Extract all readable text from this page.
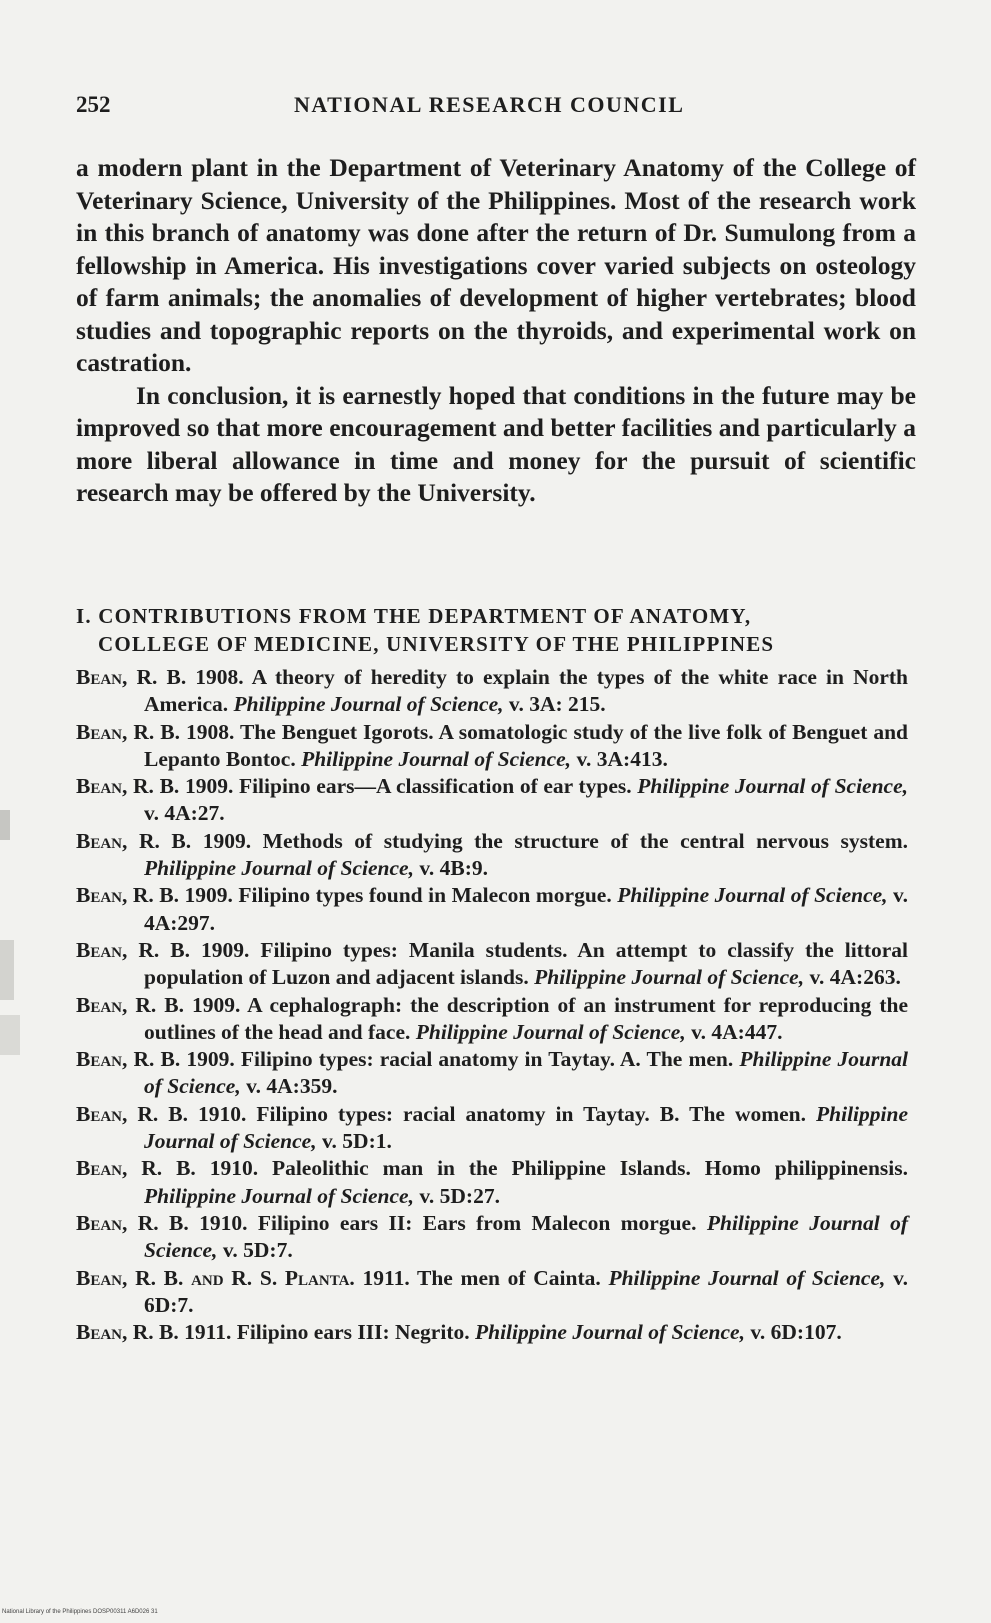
252	NATIONAL RESEARCH COUNCIL

a modern plant in the Department of Veterinary Anatomy of the College of Veterinary Science, University of the Philippines. Most of the research work in this branch of anatomy was done after the return of Dr. Sumulong from a fellowship in America. His investigations cover varied subjects on osteology of farm animals; the anomalies of development of higher vertebrates; blood studies and topographic reports on the thyroids, and experimental work on castration.

In conclusion, it is earnestly hoped that conditions in the future may be improved so that more encouragement and better facilities and particularly a more liberal allowance in time and money for the pursuit of scientific research may be offered by the University.

I. CONTRIBUTIONS FROM THE DEPARTMENT OF ANATOMY,
COLLEGE OF MEDICINE, UNIVERSITY OF THE PHILIPPINES
Bean, R. B. 1908. A theory of heredity to explain the types of the white race in North America. Philippine Journal of Science, v. 3A: 215.
Bean, R. B. 1908. The Benguet Igorots. A somatologic study of the live folk of Benguet and Lepanto Bontoc. Philippine Journal of Science, v. 3A:413.
Bean, R. B. 1909. Filipino ears—A classification of ear types. Philippine Journal of Science, v. 4A:27.
Bean, R. B. 1909. Methods of studying the structure of the central nervous system. Philippine Journal of Science, v. 4B:9.
Bean, R. B. 1909. Filipino types found in Malecon morgue. Philippine Journal of Science, v. 4A:297.
Bean, R. B. 1909. Filipino types: Manila students. An attempt to classify the littoral population of Luzon and adjacent islands. Philippine Journal of Science, v. 4A:263.
Bean, R. B. 1909. A cephalograph: the description of an instrument for reproducing the outlines of the head and face. Philippine Journal of Science, v. 4A:447.
Bean, R. B. 1909. Filipino types: racial anatomy in Taytay. A. The men. Philippine Journal of Science, v. 4A:359.
Bean, R. B. 1910. Filipino types: racial anatomy in Taytay. B. The women. Philippine Journal of Science, v. 5D:1.
Bean, R. B. 1910. Paleolithic man in the Philippine Islands. Homo philippinensis. Philippine Journal of Science, v. 5D:27.
Bean, R. B. 1910. Filipino ears II: Ears from Malecon morgue. Philippine Journal of Science, v. 5D:7.
Bean, R. B. and R. S. Planta. 1911. The men of Cainta. Philippine Journal of Science, v. 6D:7.
Bean, R. B. 1911. Filipino ears III: Negrito. Philippine Journal of Science, v. 6D:107.
National Library of the Philippines DOSP00311 A6D026 31
